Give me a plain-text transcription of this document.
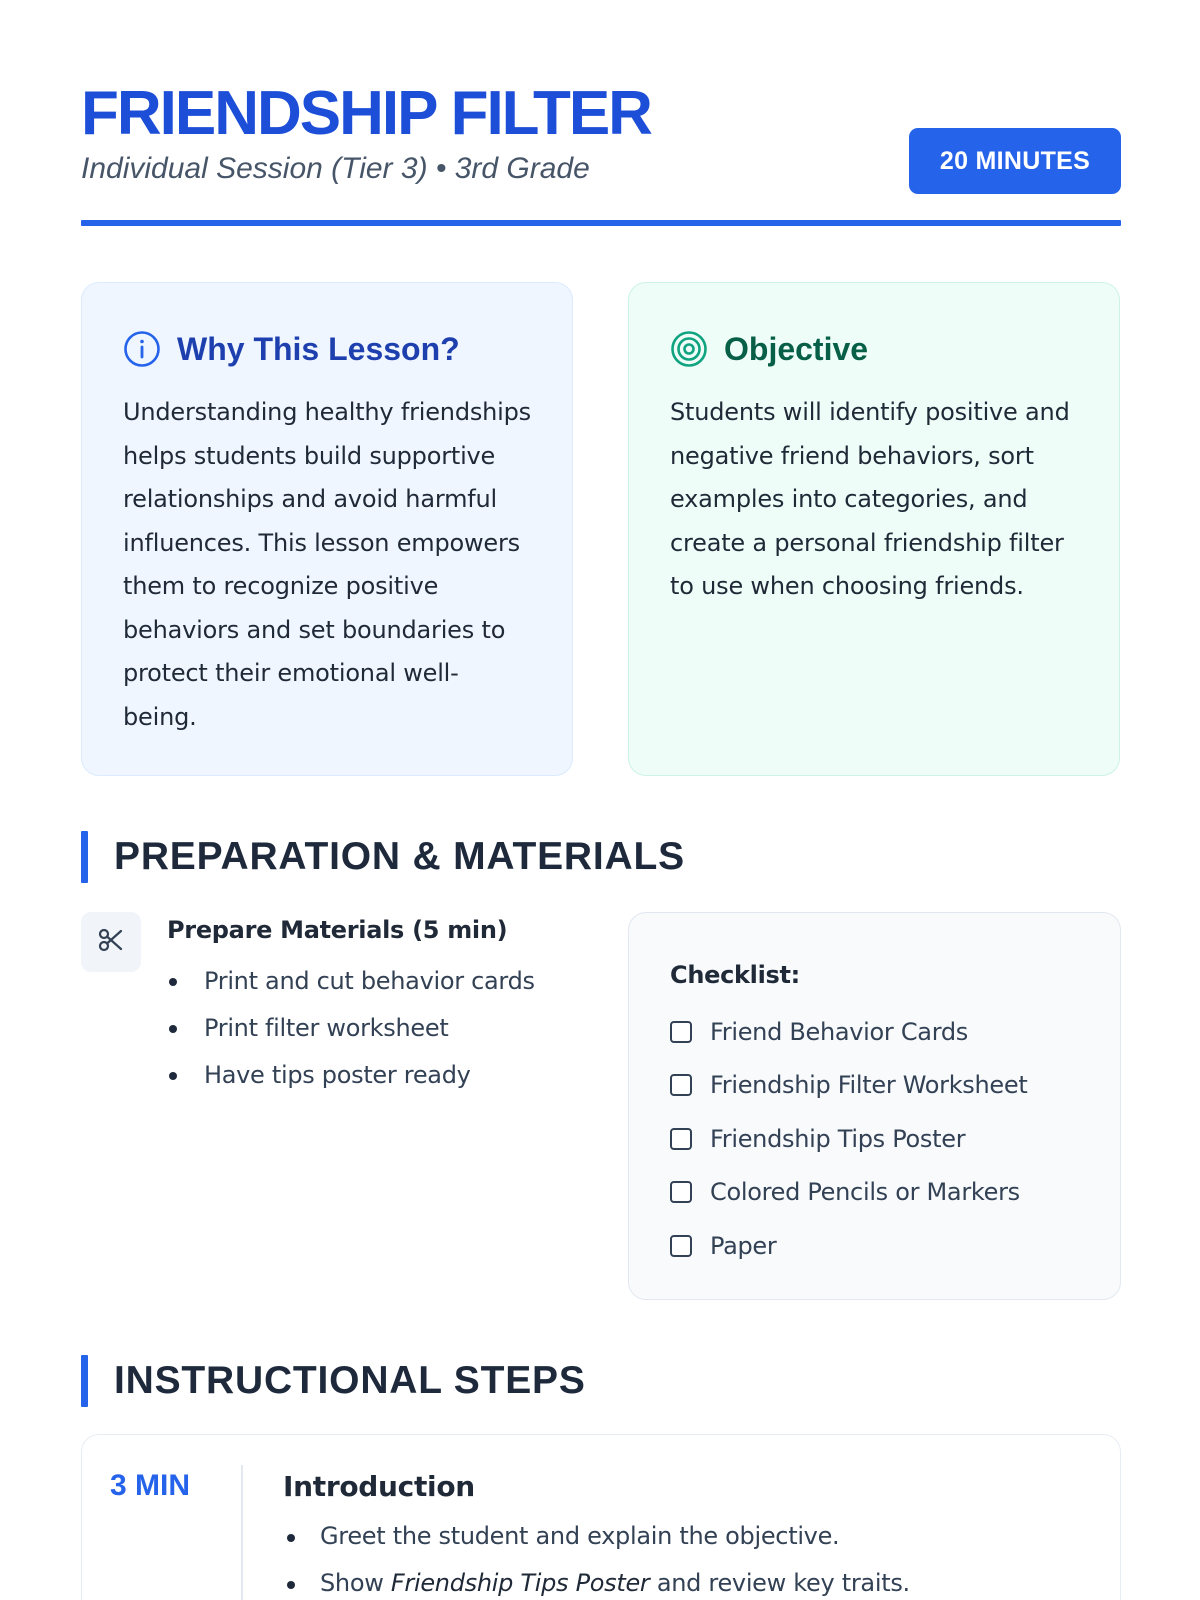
FRIENDSHIP FILTER
Individual Session (Tier 3) • 3rd Grade	20 MINUTES
Why This Lesson?

Understanding healthy friendships helps students build supportive relationships and avoid harmful influences. This lesson empowers them to recognize positive behaviors and set boundaries to protect their emotional well-being.

Objective

Students will identify positive and negative friend behaviors, sort examples into categories, and create a personal friendship filter to use when choosing friends.

PREPARATION & MATERIALS
Prepare Materials (5 min)
Print and cut behavior cards
Print filter worksheet
Have tips poster ready
Checklist:
Friend Behavior Cards
Friendship Filter Worksheet
Friendship Tips Poster
Colored Pencils or Markers
Paper
INSTRUCTIONAL STEPS
3 MIN	Introduction
Greet the student and explain the objective.
Show Friendship Tips Poster and review key traits.
